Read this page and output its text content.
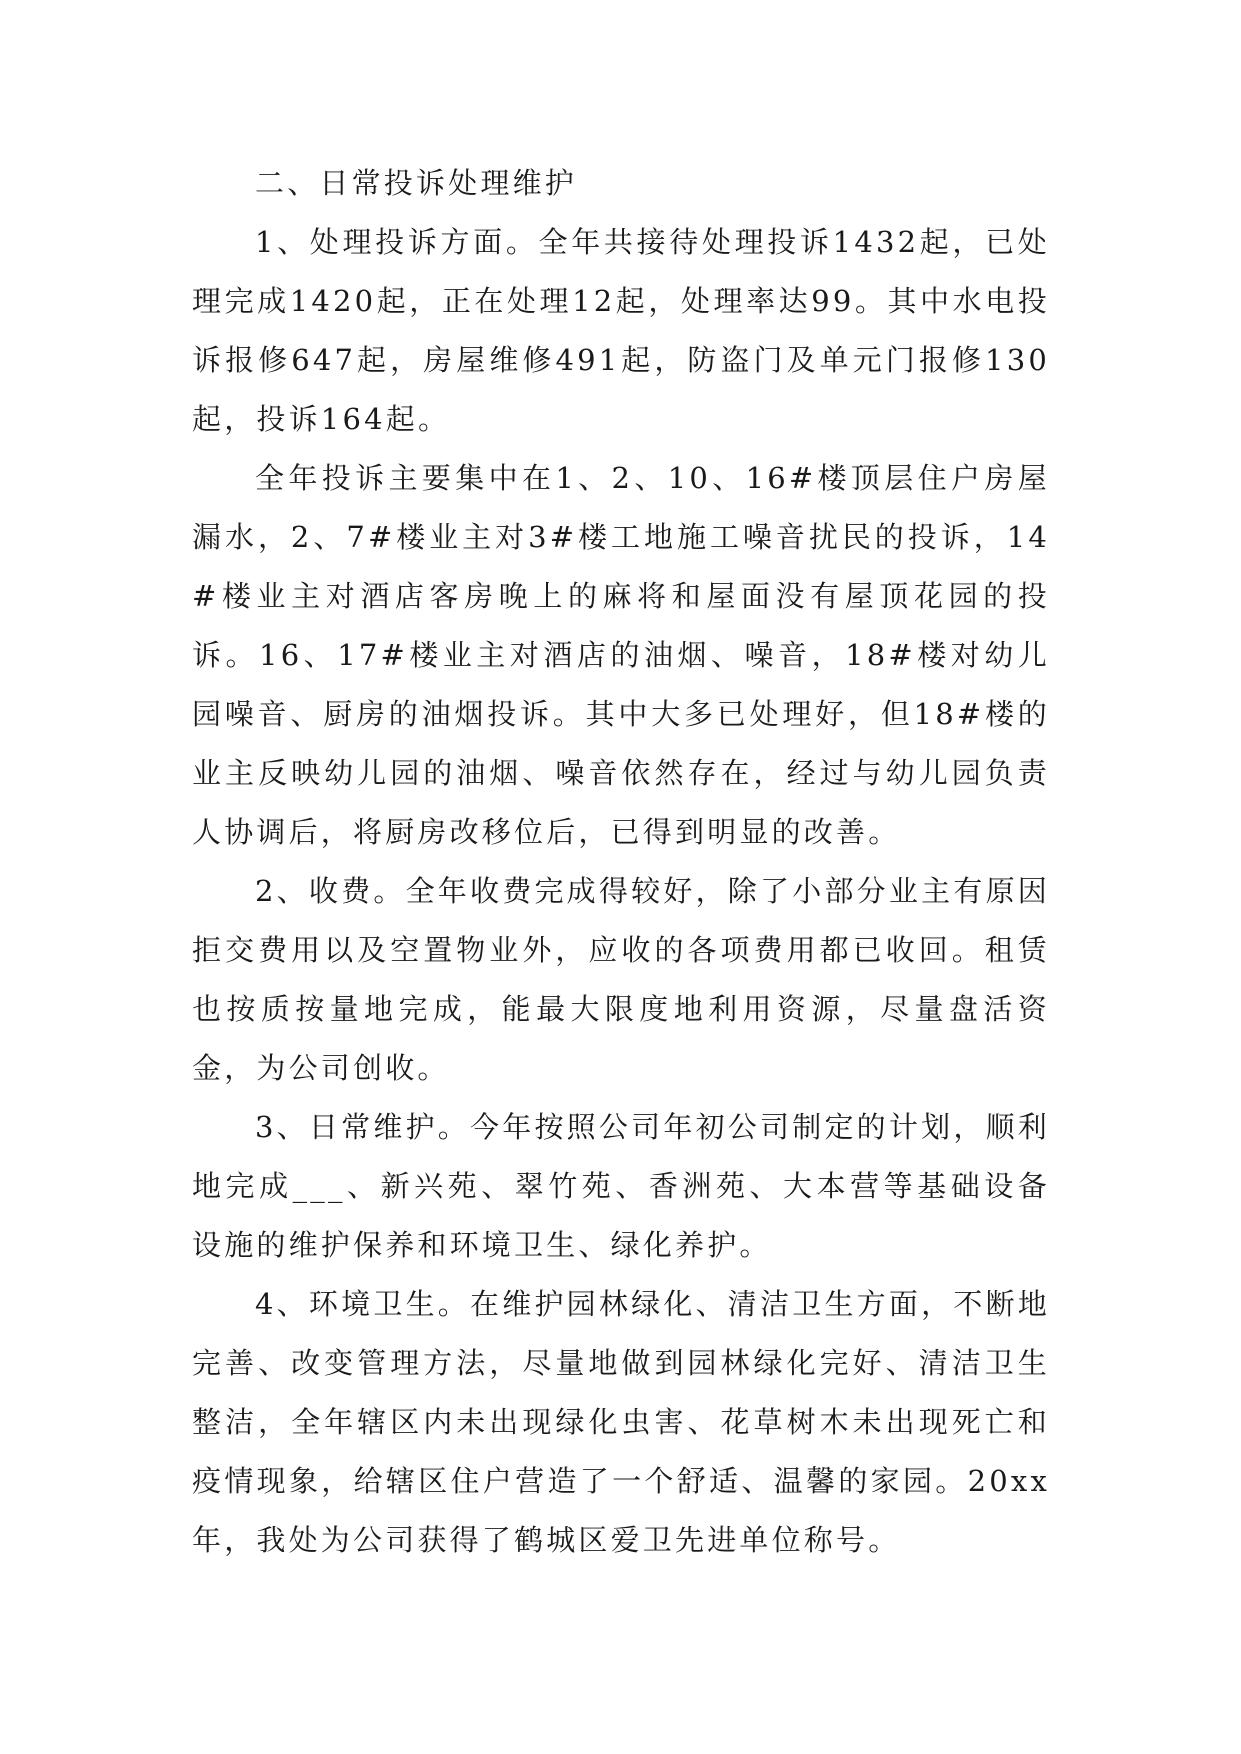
二、日常投诉处理维护

1、处理投诉方面。全年共接待处理投诉1432起，已处理完成1420起，正在处理12起，处理率达99。其中水电投诉报修647起，房屋维修491起，防盗门及单元门报修130起，投诉164起。

全年投诉主要集中在1、2、10、16#楼顶层住户房屋漏水，2、7#楼业主对3#楼工地施工噪音扰民的投诉，14#楼业主对酒店客房晚上的麻将和屋面没有屋顶花园的投诉。16、17#楼业主对酒店的油烟、噪音，18#楼对幼儿园噪音、厨房的油烟投诉。其中大多已处理好，但18#楼的业主反映幼儿园的油烟、噪音依然存在，经过与幼儿园负责人协调后，将厨房改移位后，已得到明显的改善。

2、收费。全年收费完成得较好，除了小部分业主有原因拒交费用以及空置物业外，应收的各项费用都已收回。租赁也按质按量地完成，能最大限度地利用资源，尽量盘活资金，为公司创收。

3、日常维护。今年按照公司年初公司制定的计划，顺利地完成___、新兴苑、翠竹苑、香洲苑、大本营等基础设备设施的维护保养和环境卫生、绿化养护。

4、环境卫生。在维护园林绿化、清洁卫生方面，不断地完善、改变管理方法，尽量地做到园林绿化完好、清洁卫生整洁，全年辖区内未出现绿化虫害、花草树木未出现死亡和疫情现象，给辖区住户营造了一个舒适、温馨的家园。20xx年，我处为公司获得了鹤城区爱卫先进单位称号。
